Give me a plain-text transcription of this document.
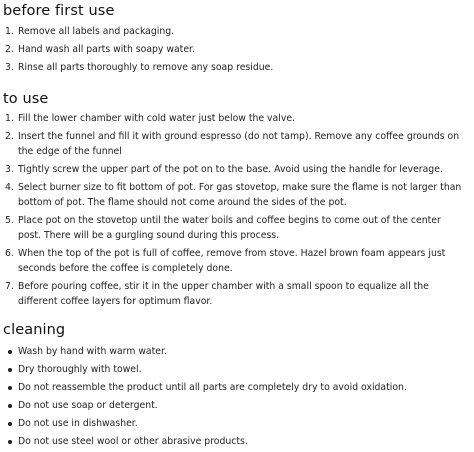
before first use
1. Remove all labels and packaging.
2. Hand wash all parts with soapy water.
3. Rinse all parts thoroughly to remove any soap residue.
to use
1. Fill the lower chamber with cold water just below the valve.
2. Insert the funnel and fill it with ground espresso (do not tamp). Remove any coffee grounds on the edge of the funnel
3. Tightly screw the upper part of the pot on to the base. Avoid using the handle for leverage.
4. Select burner size to fit bottom of pot. For gas stovetop, make sure the flame is not larger than bottom of pot. The flame should not come around the sides of the pot.
5. Place pot on the stovetop until the water boils and coffee begins to come out of the center post. There will be a gurgling sound during this process.
6. When the top of the pot is full of coffee, remove from stove. Hazel brown foam appears just seconds before the coffee is completely done.
7. Before pouring coffee, stir it in the upper chamber with a small spoon to equalize all the different coffee layers for optimum flavor.
cleaning
Wash by hand with warm water.
Dry thoroughly with towel.
Do not reassemble the product until all parts are completely dry to avoid oxidation.
Do not use soap or detergent.
Do not use in dishwasher.
Do not use steel wool or other abrasive products.
